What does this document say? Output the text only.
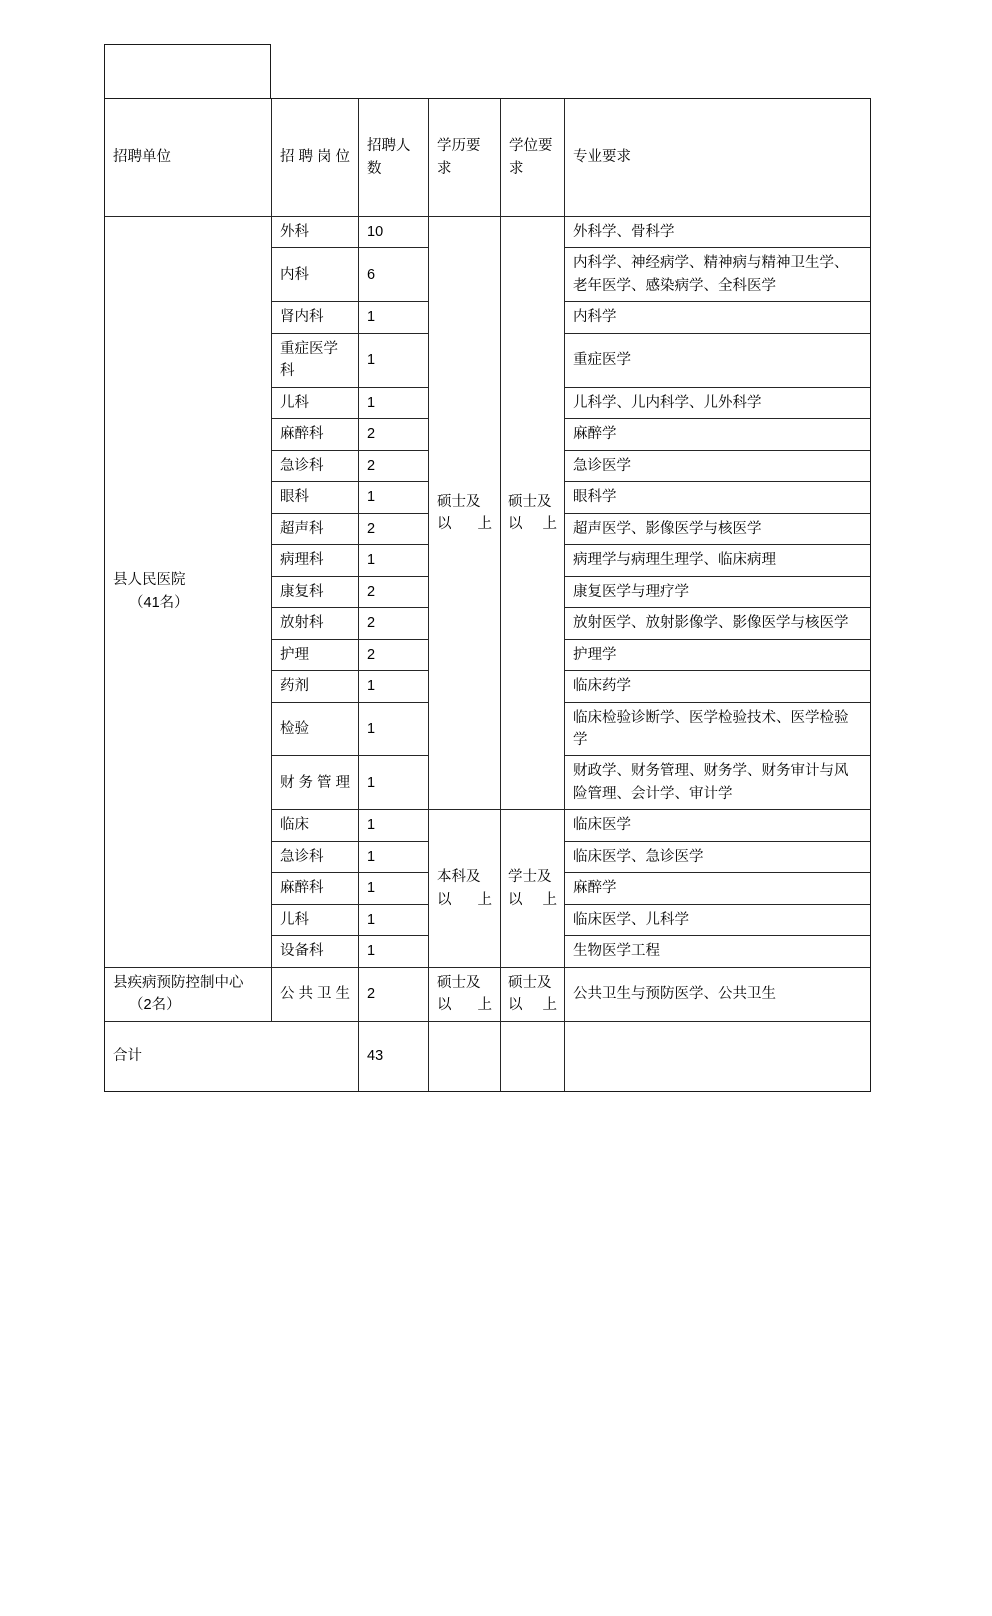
招聘单位	招聘岗位	招聘人数	学历要求	学位要求	专业要求

县人民医院
（41名）	外科	10	硕士及以上	硕士及以上	外科学、骨科学
	内科	6			内科学、神经病学、精神病与精神卫生学、老年医学、感染病学、全科医学
	肾内科	1			内科学
	重症医学科	1			重症医学
	儿科	1			儿科学、儿内科学、儿外科学
	麻醉科	2			麻醉学
	急诊科	2			急诊医学
	眼科	1			眼科学
	超声科	2			超声医学、影像医学与核医学
	病理科	1			病理学与病理生理学、临床病理
	康复科	2			康复医学与理疗学
	放射科	2			放射医学、放射影像学、影像医学与核医学
	护理	2			护理学
	药剂	1			临床药学
	检验	1			临床检验诊断学、医学检验技术、医学检验学
	财务管理	1			财政学、财务管理、财务学、财务审计与风险管理、会计学、审计学
	临床	1	本科及以上	学士及以上	临床医学
	急诊科	1			临床医学、急诊医学
	麻醉科	1			麻醉学
	儿科	1			临床医学、儿科学
	设备科	1			生物医学工程

县疾病预防控制中心
（2名）	公共卫生	2	硕士及以上	硕士及以上	公共卫生与预防医学、公共卫生
合计		43			
